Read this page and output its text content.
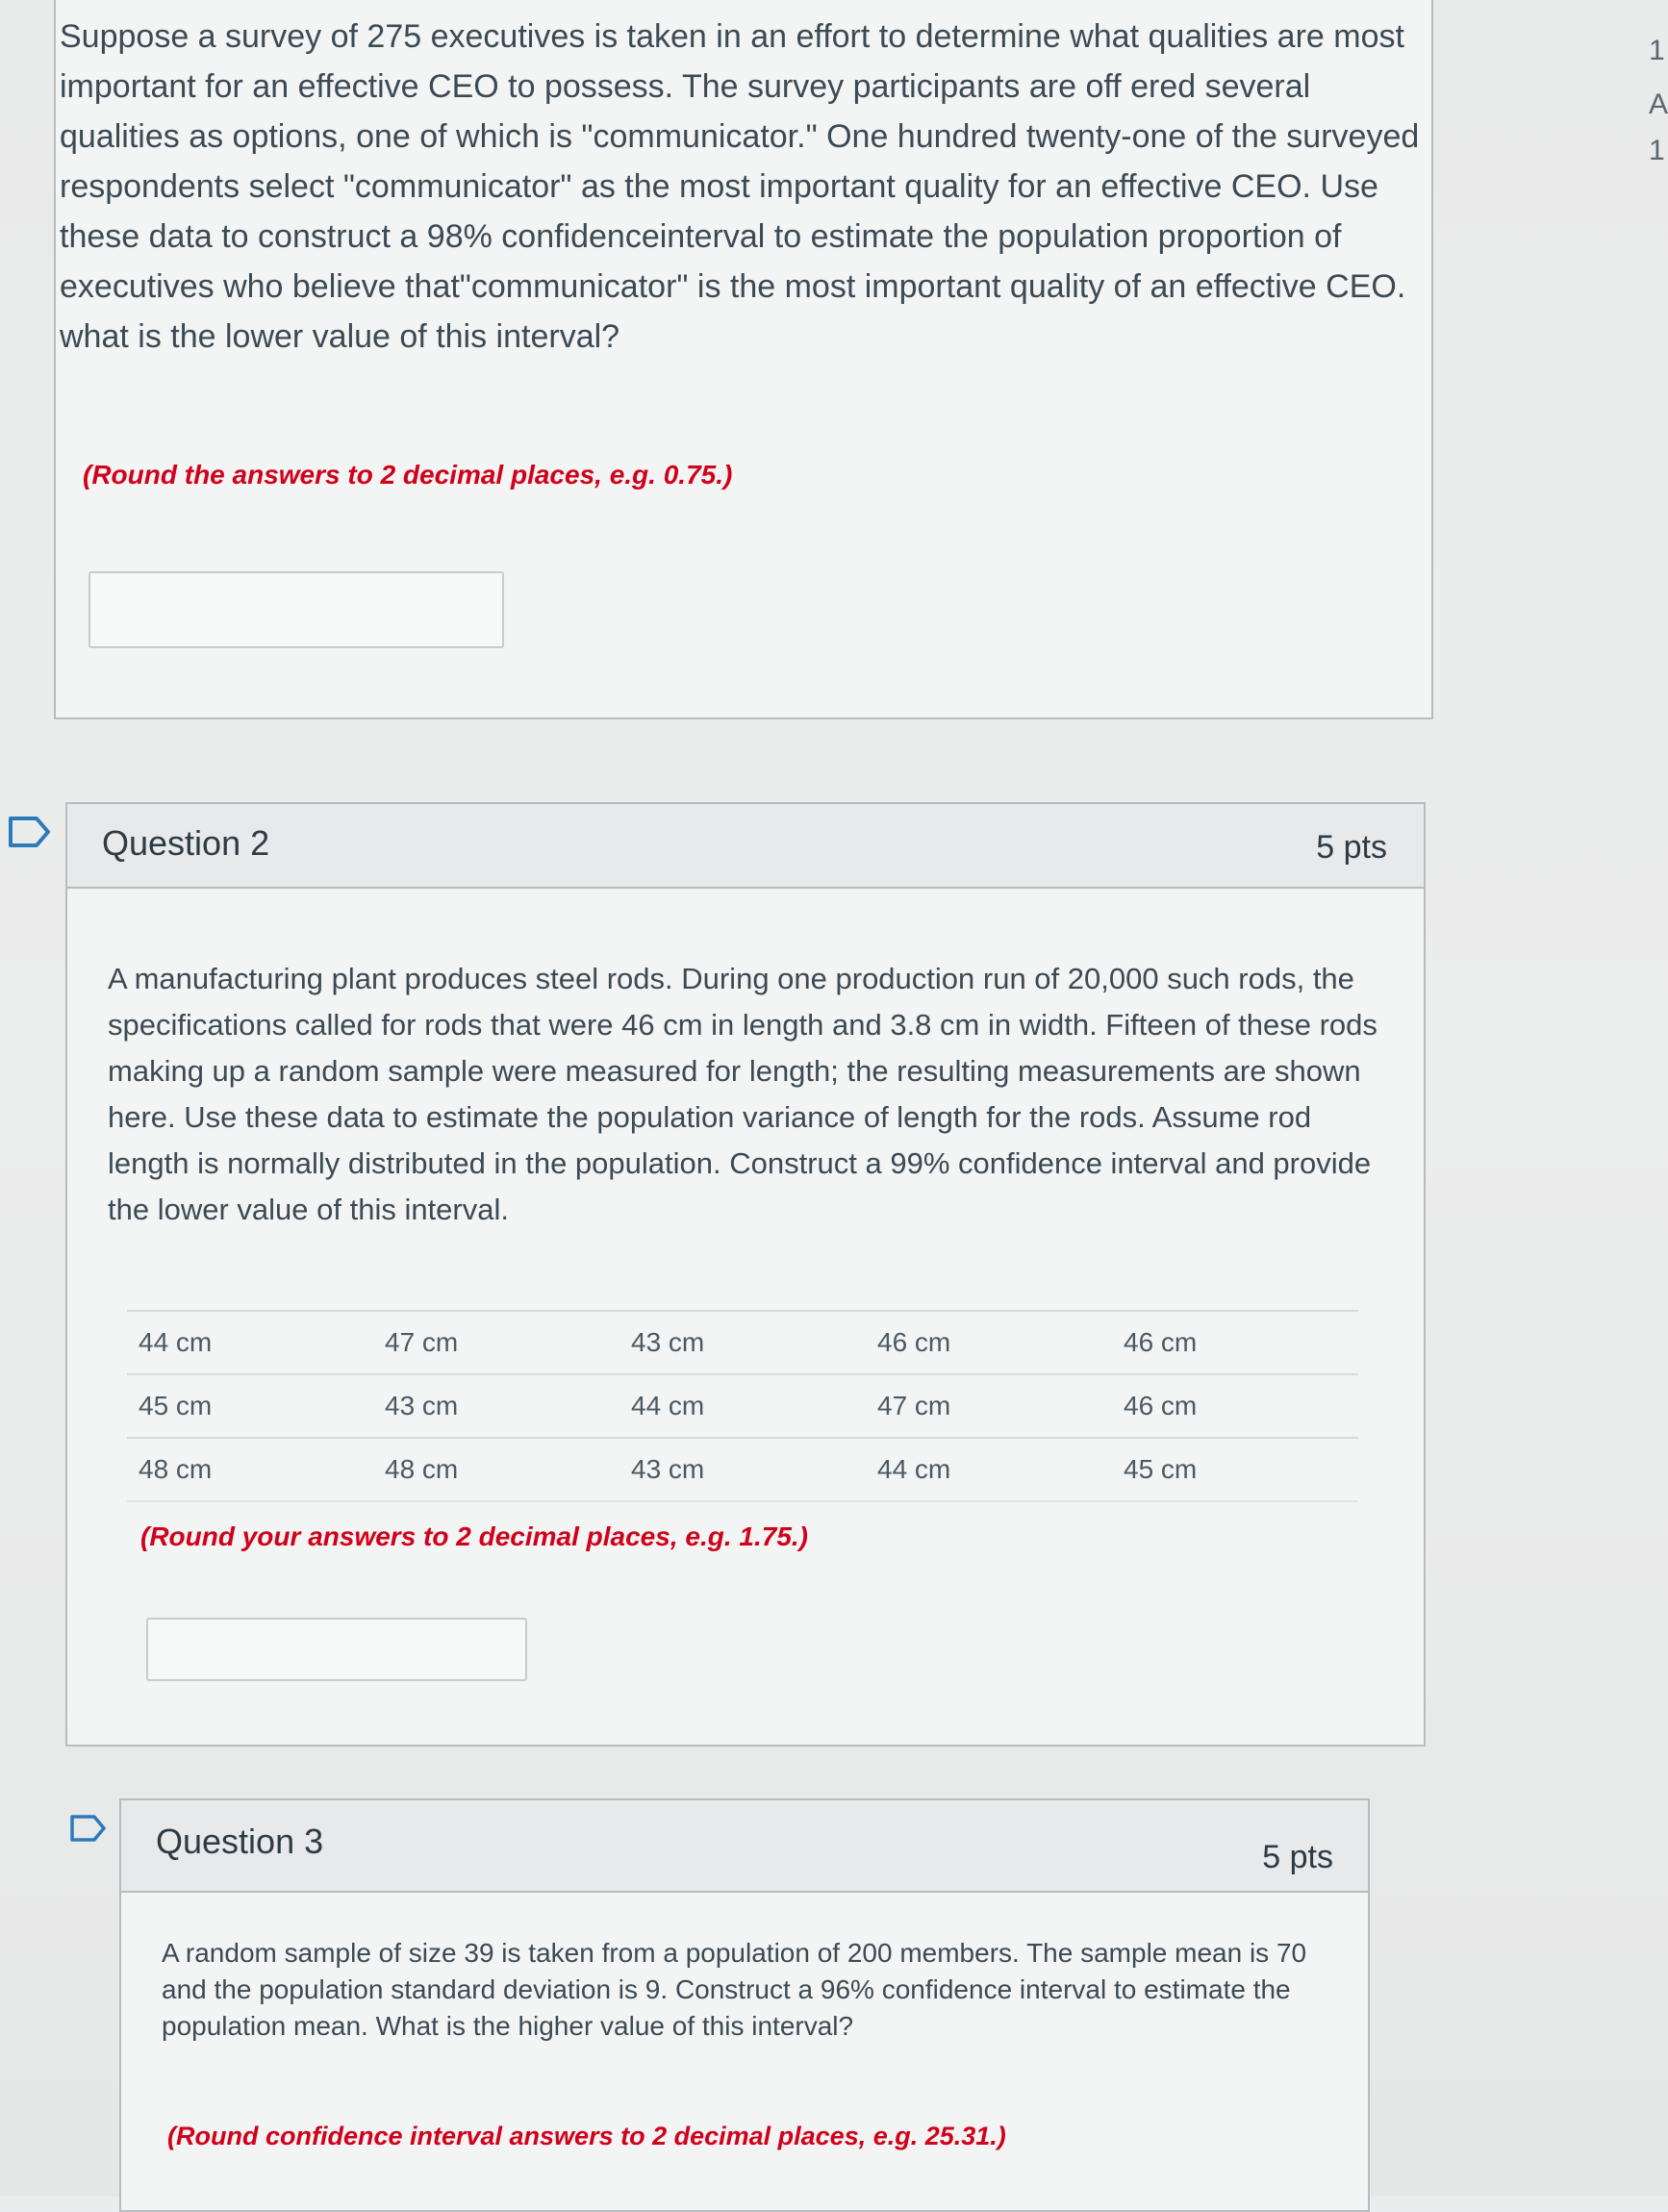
Suppose a survey of 275 executives is taken in an effort to determine what qualities are most important for an effective CEO to possess. The survey participants are off ered several qualities as options, one of which is "communicator." One hundred twenty-one of the surveyed respondents select "communicator" as the most important quality for an effective CEO. Use these data to construct a 98% confidenceinterval to estimate the population proportion of executives who believe that"communicator" is the most important quality of an effective CEO. what is the lower value of this interval?
(Round the answers to 2 decimal places, e.g. 0.75.)
Question 2	5 pts
A manufacturing plant produces steel rods. During one production run of 20,000 such rods, the specifications called for rods that were 46 cm in length and 3.8 cm in width. Fifteen of these rods making up a random sample were measured for length; the resulting measurements are shown here. Use these data to estimate the population variance of length for the rods. Assume rod length is normally distributed in the population. Construct a 99% confidence interval and provide the lower value of this interval.
44 cm	47 cm	43 cm	46 cm	46 cm
45 cm	43 cm	44 cm	47 cm	46 cm
48 cm	48 cm	43 cm	44 cm	45 cm
(Round your answers to 2 decimal places, e.g. 1.75.)
Question 3	5 pts
A random sample of size 39 is taken from a population of 200 members. The sample mean is 70 and the population standard deviation is 9. Construct a 96% confidence interval to estimate the population mean. What is the higher value of this interval?
(Round confidence interval answers to 2 decimal places, e.g. 25.31.)
1
A
1
